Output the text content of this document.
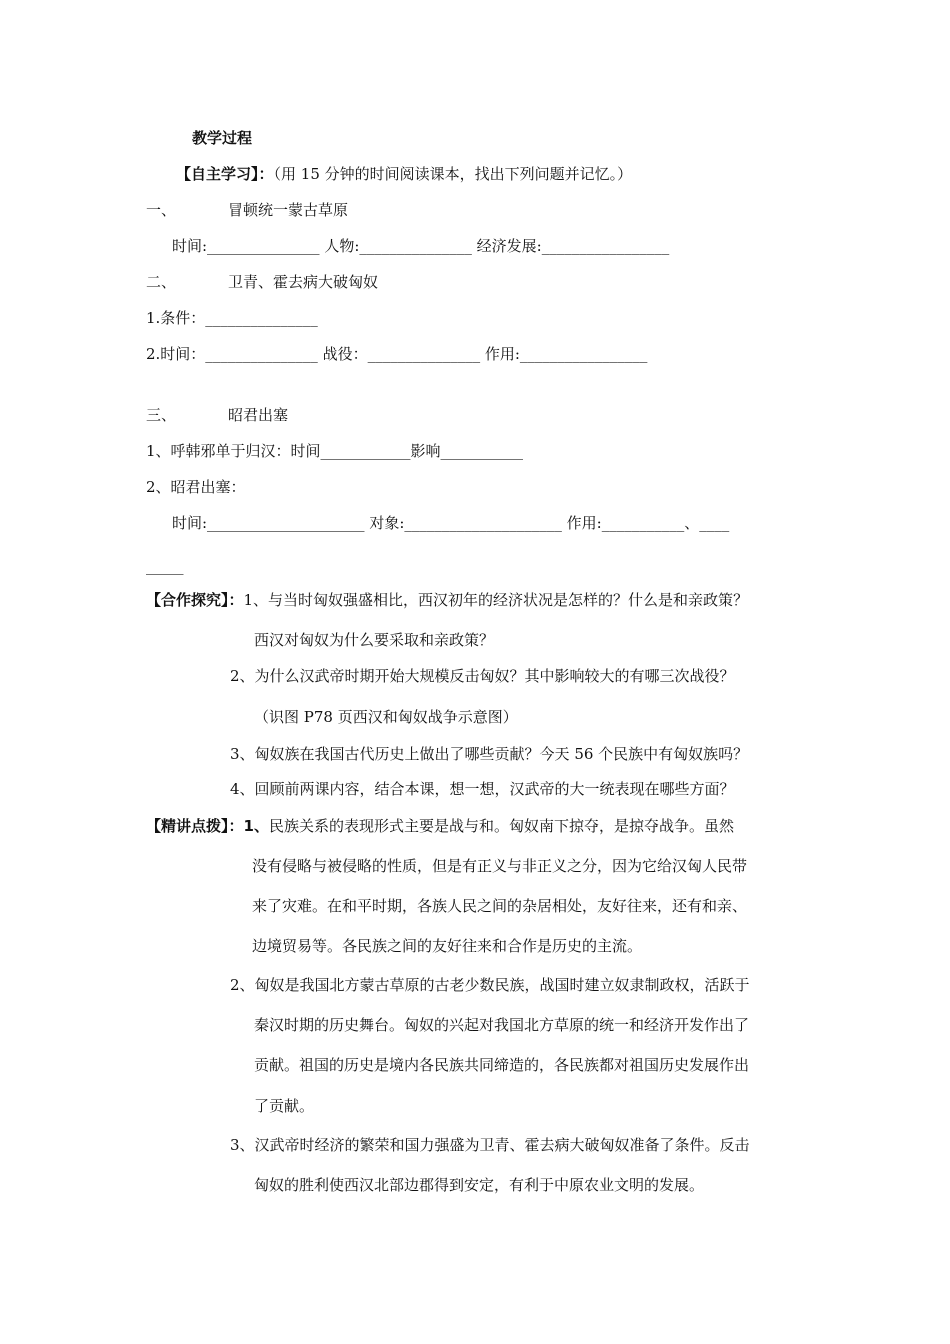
教学过程
【自主学习】：（用 15 分钟的时间阅读课本，找出下列问题并记忆。）
一、	冒顿统一蒙古草原
时间:_______________ 人物:_______________ 经济发展:_________________
二、	卫青、霍去病大破匈奴
1.条件：_______________
2.时间：_______________ 战役：_______________ 作用:_________________
三、	昭君出塞
1、呼韩邪单于归汉：时间____________影响___________
2、昭君出塞：
时间:_____________________ 对象:_____________________ 作用:___________、____
_____
【合作探究】：1、与当时匈奴强盛相比，西汉初年的经济状况是怎样的？什么是和亲政策？
西汉对匈奴为什么要采取和亲政策？
2、为什么汉武帝时期开始大规模反击匈奴？其中影响较大的有哪三次战役？
（识图 P78 页西汉和匈奴战争示意图）
3、匈奴族在我国古代历史上做出了哪些贡献？今天 56 个民族中有匈奴族吗？
4、回顾前两课内容，结合本课，想一想，汉武帝的大一统表现在哪些方面？
【精讲点拨】：1、民族关系的表现形式主要是战与和。匈奴南下掠夺，是掠夺战争。虽然
没有侵略与被侵略的性质，但是有正义与非正义之分，因为它给汉匈人民带
来了灾难。在和平时期，各族人民之间的杂居相处，友好往来，还有和亲、
边境贸易等。各民族之间的友好往来和合作是历史的主流。
2、匈奴是我国北方蒙古草原的古老少数民族，战国时建立奴隶制政权，活跃于
秦汉时期的历史舞台。匈奴的兴起对我国北方草原的统一和经济开发作出了
贡献。祖国的历史是境内各民族共同缔造的，各民族都对祖国历史发展作出
了贡献。
3、汉武帝时经济的繁荣和国力强盛为卫青、霍去病大破匈奴准备了条件。反击
匈奴的胜利使西汉北部边郡得到安定，有利于中原农业文明的发展。
